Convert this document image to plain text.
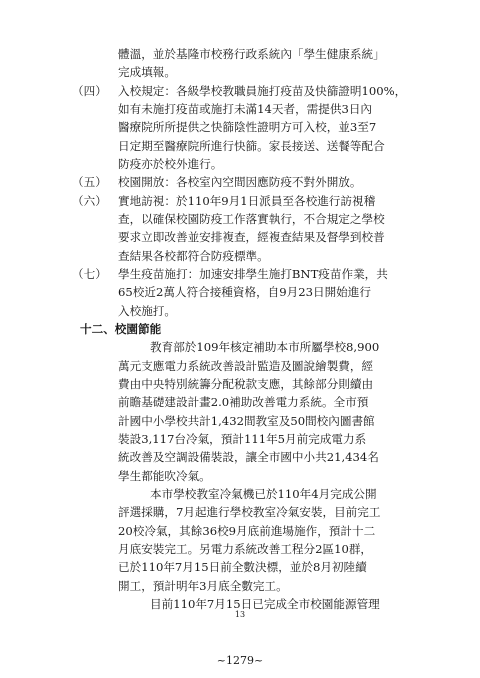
體溫，並於基隆市校務行政系統內「學生健康系統」
完成填報。
（四） 入校規定：各級學校教職員施打疫苗及快篩證明100%，
如有未施打疫苗或施打未滿14天者，需提供3日內
醫療院所所提供之快篩陰性證明方可入校，並3至7
日定期至醫療院所進行快篩。家長接送、送餐等配合
防疫亦於校外進行。
（五） 校園開放：各校室內空間因應防疫不對外開放。
（六） 實地訪視：於110年9月1日派員至各校進行訪視稽
查，以確保校園防疫工作落實執行，不合規定之學校
要求立即改善並安排複查，經複查結果及督學到校普
查結果各校都符合防疫標準。
（七） 學生疫苗施打：加速安排學生施打BNT疫苗作業，共
65校近2萬人符合接種資格，自9月23日開始進行
入校施打。
十二、校園節能
教育部於109年核定補助本市所屬學校8,900
萬元支應電力系統改善設計監造及圖說繪製費，經
費由中央特別統籌分配稅款支應，其餘部分則續由
前瞻基礎建設計畫2.0補助改善電力系統。全市預
計國中小學校共計1,432間教室及50間校內圖書館
裝設3,117台冷氣，預計111年5月前完成電力系
統改善及空調設備裝設，讓全市國中小共21,434名
學生都能吹冷氣。
本市學校教室冷氣機已於110年4月完成公開
評選採購，7月起進行學校教室冷氣安裝，目前完工
20校冷氣，其餘36校9月底前進場施作，預計十二
月底安裝完工。另電力系統改善工程分2區10群，
已於110年7月15日前全數決標，並於8月初陸續
開工，預計明年3月底全數完工。
目前110年7月15日已完成全市校園能源管理
13
~1279~
